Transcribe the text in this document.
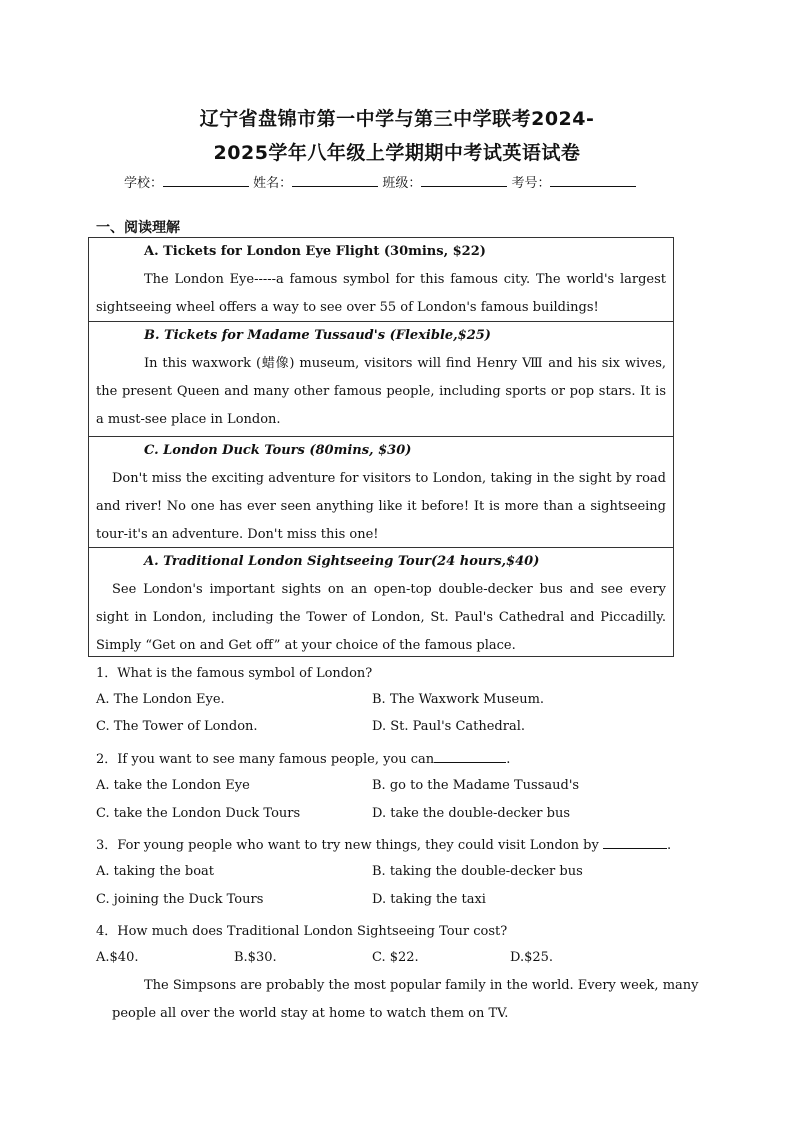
辽宁省盘锦市第一中学与第三中学联考2024-
2025学年八年级上学期期中考试英语试卷
学校：	姓名：	班级：	考号：
一、阅读理解
A. Tickets for London Eye Flight (30mins, $22)
The London Eye-----a famous symbol for this famous city. The world's largest sightseeing wheel offers a way to see over 55 of London's famous buildings!
B. Tickets for Madame Tussaud's (Flexible,$25)
In this waxwork (蜡像) museum, visitors will find Henry Ⅷ and his six wives, the present Queen and many other famous people, including sports or pop stars. It is a must-see place in London.
C. London Duck Tours (80mins, $30)
Don't miss the exciting adventure for visitors to London, taking in the sight by road and river! No one has ever seen anything like it before! It is more than a sightseeing tour-it's an adventure. Don't miss this one!
A. Traditional London Sightseeing Tour(24 hours,$40)
See London's important sights on an open-top double-decker bus and see every sight in London, including the Tower of London, St. Paul's Cathedral and Piccadilly. Simply “Get on and Get off” at your choice of the famous place.
1．What is the famous symbol of London?
A. The London Eye.	B. The Waxwork Museum.
C. The Tower of London.	D. St. Paul's Cathedral.
2．If you want to see many famous people, you can	.
A. take the London Eye	B. go to the Madame Tussaud's
C. take the London Duck Tours	D. take the double-decker bus
3．For young people who want to try new things, they could visit London by	.
A. taking the boat	B. taking the double-decker bus
C. joining the Duck Tours	D. taking the taxi
4．How much does Traditional London Sightseeing Tour cost?
A.$40.	B.$30.	C. $22.	D.$25.
The Simpsons are probably the most popular family in the world. Every week, many
people all over the world stay at home to watch them on TV.
